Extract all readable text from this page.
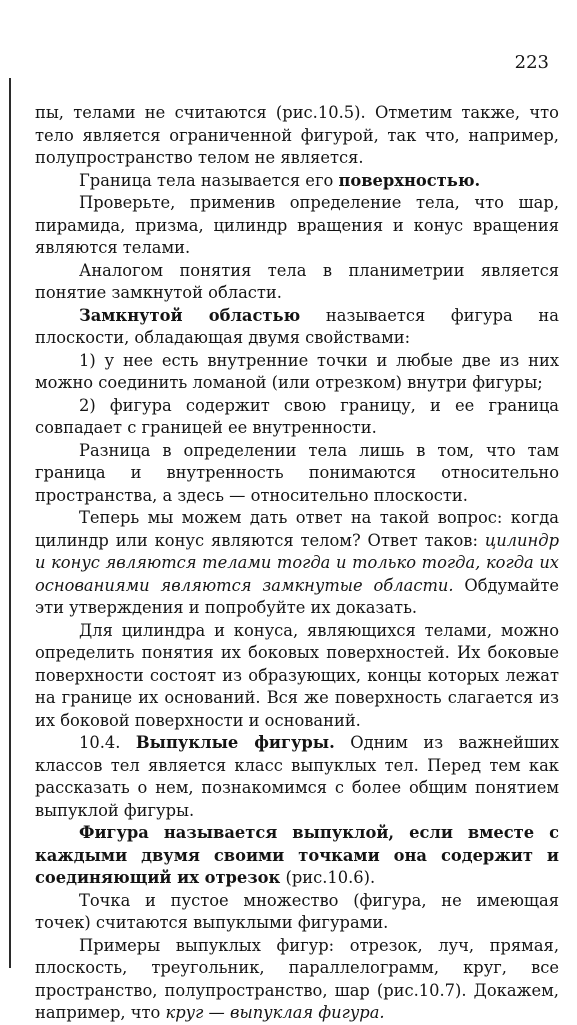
223

пы, телами не считаются (рис.10.5). Отметим также, что тело является ограниченной фигурой, так что, например, полупространство телом не является.

Граница тела называется его поверхностью.

Проверьте, применив определение тела, что шар, пирамида, призма, цилиндр вращения и конус вращения являются телами.

Аналогом понятия тела в планиметрии является понятие замкнутой области.

Замкнутой областью называется фигура на плоскости, обладающая двумя свойствами:

1) у нее есть внутренние точки и любые две из них можно соединить ломаной (или отрезком) внутри фигуры;

2) фигура содержит свою границу, и ее граница совпадает с границей ее внутренности.

Разница в определении тела лишь в том, что там граница и внутренность понимаются относительно пространства, а здесь — относительно плоскости.

Теперь мы можем дать ответ на такой вопрос: когда цилиндр или конус являются телом? Ответ таков: цилиндр и конус являются телами тогда и только тогда, когда их основаниями являются замкнутые области. Обдумайте эти утверждения и попробуйте их доказать.

Для цилиндра и конуса, являющихся телами, можно определить понятия их боковых поверхностей. Их боковые поверхности состоят из образующих, концы которых лежат на границе их оснований. Вся же поверхность слагается из их боковой поверхности и оснований.

10.4. Выпуклые фигуры. Одним из важнейших классов тел является класс выпуклых тел. Перед тем как рассказать о нем, познакомимся с более общим понятием выпуклой фигуры.

Фигура называется выпуклой, если вместе с каждыми двумя своими точками она содержит и соединяющий их отрезок (рис.10.6).

Точка и пустое множество (фигура, не имеющая точек) считаются выпуклыми фигурами.

Примеры выпуклых фигур: отрезок, луч, прямая, плоскость, треугольник, параллелограмм, круг, все пространство, полупространство, шар (рис.10.7). Докажем, например, что круг — выпуклая фигура.
